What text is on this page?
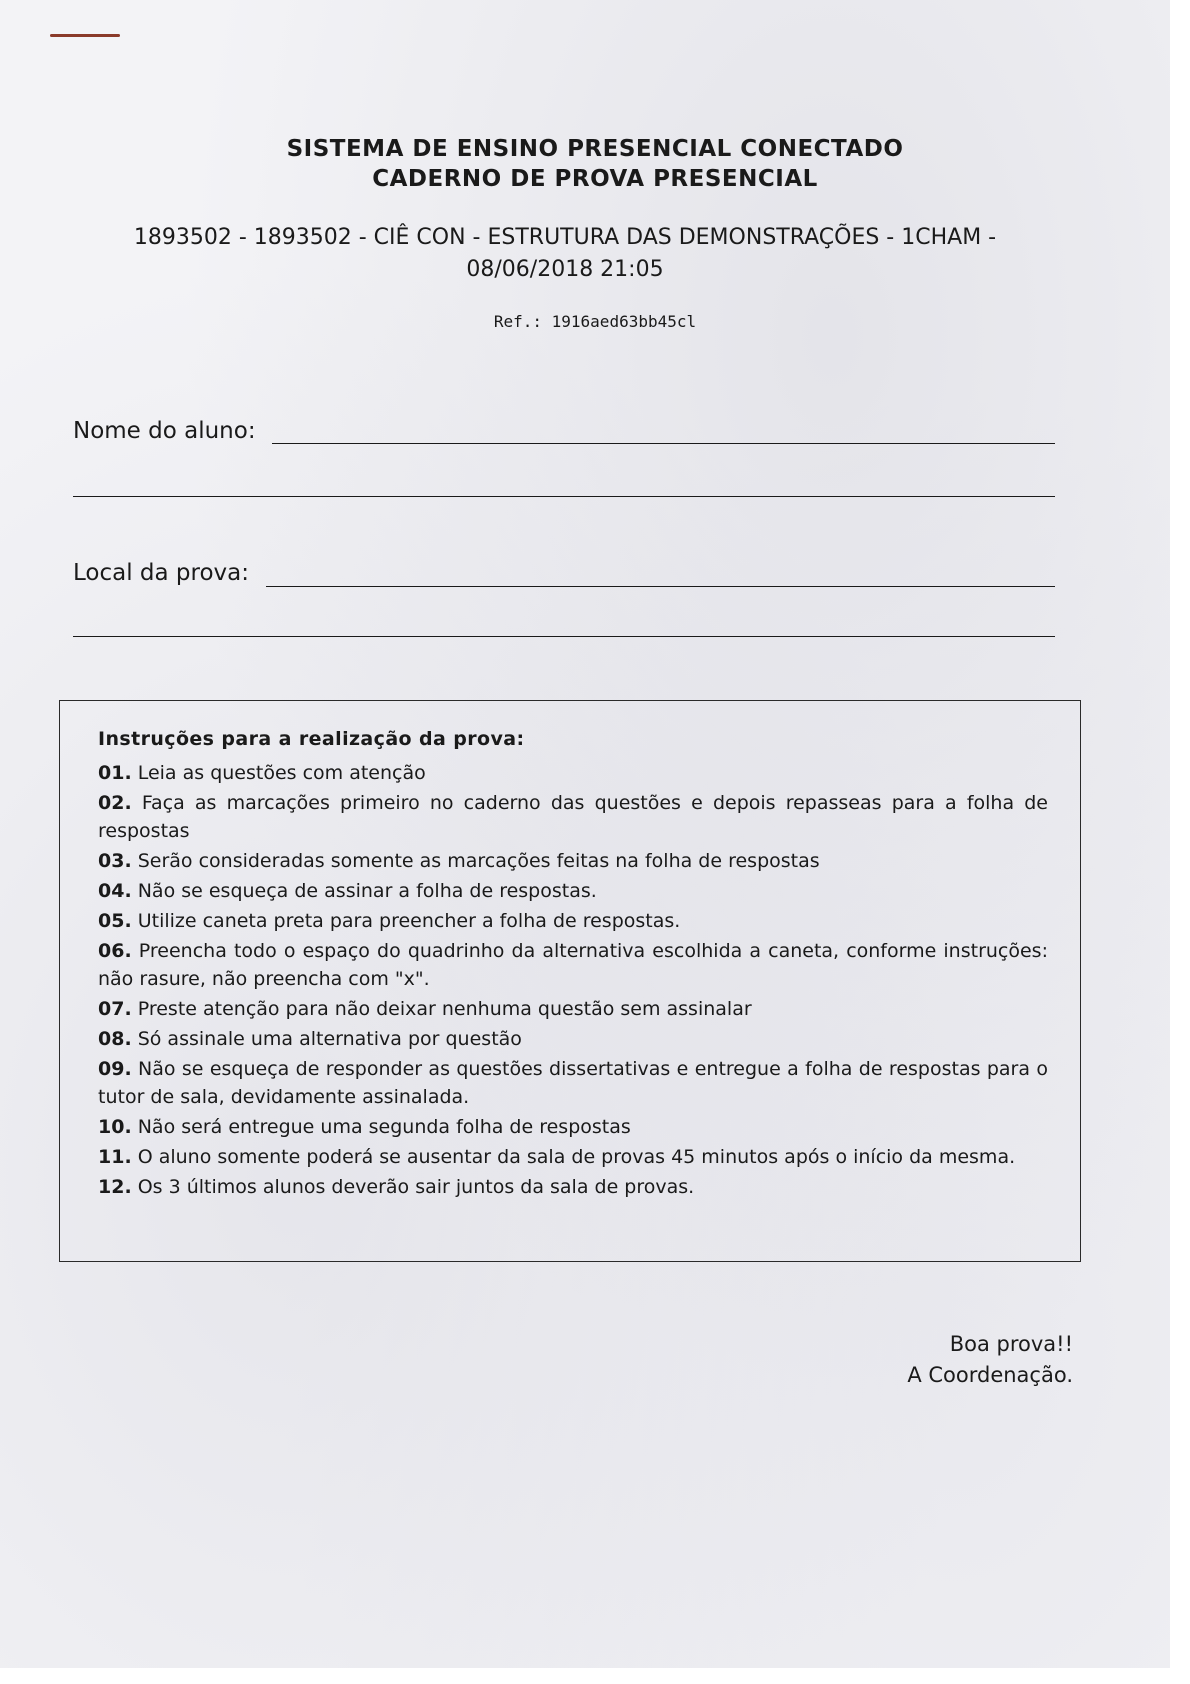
SISTEMA DE ENSINO PRESENCIAL CONECTADO
CADERNO DE PROVA PRESENCIAL
1893502 - 1893502 - CIÊ CON - ESTRUTURA DAS DEMONSTRAÇÕES - 1CHAM -
08/06/2018 21:05
Ref.: 1916aed63bb45cl
Nome do aluno:
Local da prova:
Instruções para a realização da prova:
01. Leia as questões com atenção
02. Faça as marcações primeiro no caderno das questões e depois repasseas para a folha de respostas
03. Serão consideradas somente as marcações feitas na folha de respostas
04. Não se esqueça de assinar a folha de respostas.
05. Utilize caneta preta para preencher a folha de respostas.
06. Preencha todo o espaço do quadrinho da alternativa escolhida a caneta, conforme instruções: não rasure, não preencha com "x".
07. Preste atenção para não deixar nenhuma questão sem assinalar
08. Só assinale uma alternativa por questão
09. Não se esqueça de responder as questões dissertativas e entregue a folha de respostas para o tutor de sala, devidamente assinalada.
10. Não será entregue uma segunda folha de respostas
11. O aluno somente poderá se ausentar da sala de provas 45 minutos após o início da mesma.
12. Os 3 últimos alunos deverão sair juntos da sala de provas.
Boa prova!!
A Coordenação.
